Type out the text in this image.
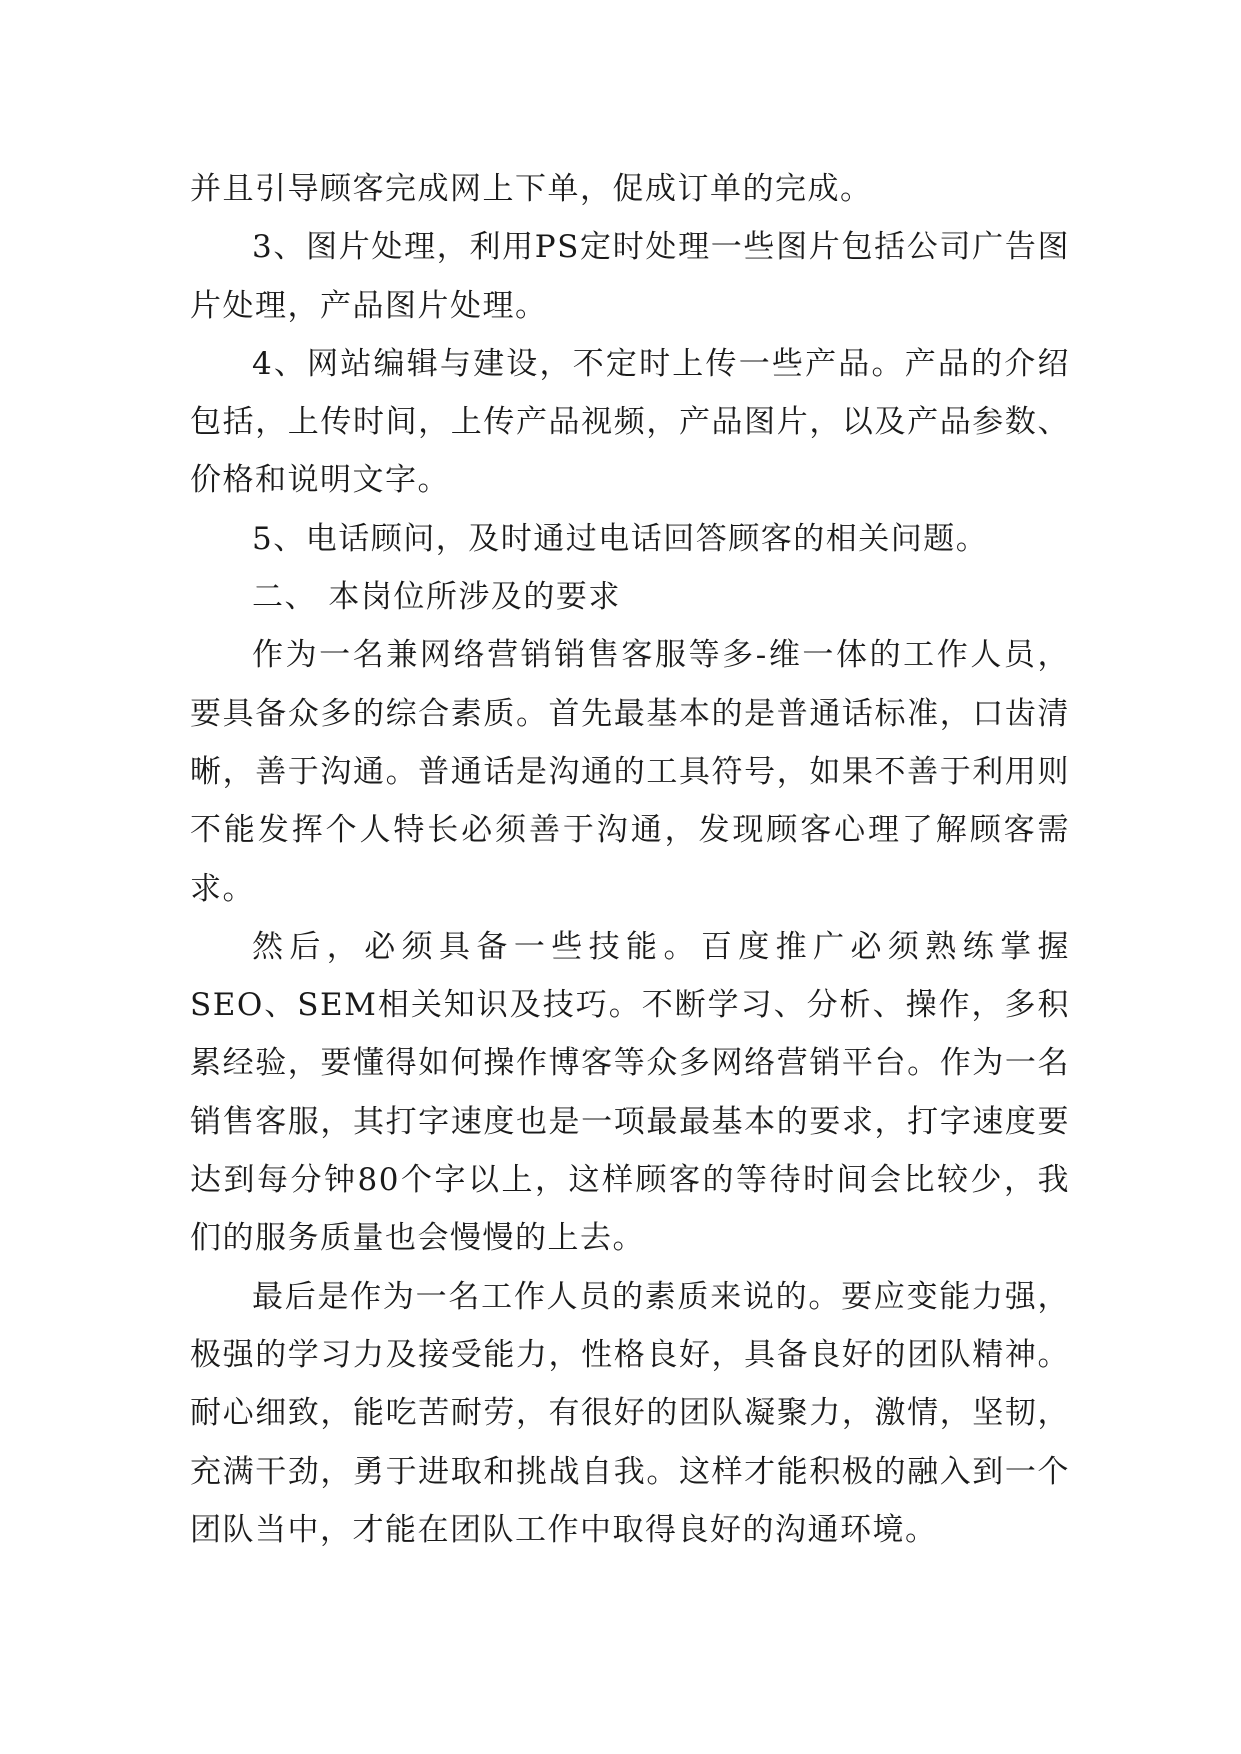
并且引导顾客完成网上下单，促成订单的完成。

3、图片处理，利用PS定时处理一些图片包括公司广告图片处理，产品图片处理。

4、网站编辑与建设，不定时上传一些产品。产品的介绍包括，上传时间，上传产品视频，产品图片，以及产品参数、价格和说明文字。

5、电话顾问，及时通过电话回答顾客的相关问题。

二、 本岗位所涉及的要求

作为一名兼网络营销销售客服等多-维一体的工作人员，要具备众多的综合素质。首先最基本的是普通话标准，口齿清晰，善于沟通。普通话是沟通的工具符号，如果不善于利用则不能发挥个人特长必须善于沟通，发现顾客心理了解顾客需求。

然后，必须具备一些技能。百度推广必须熟练掌握SEO、SEM相关知识及技巧。不断学习、分析、操作，多积累经验，要懂得如何操作博客等众多网络营销平台。作为一名销售客服，其打字速度也是一项最最基本的要求，打字速度要达到每分钟80个字以上，这样顾客的等待时间会比较少，我们的服务质量也会慢慢的上去。

最后是作为一名工作人员的素质来说的。要应变能力强，极强的学习力及接受能力，性格良好，具备良好的团队精神。耐心细致，能吃苦耐劳，有很好的团队凝聚力，激情，坚韧，充满干劲，勇于进取和挑战自我。这样才能积极的融入到一个团队当中，才能在团队工作中取得良好的沟通环境。
